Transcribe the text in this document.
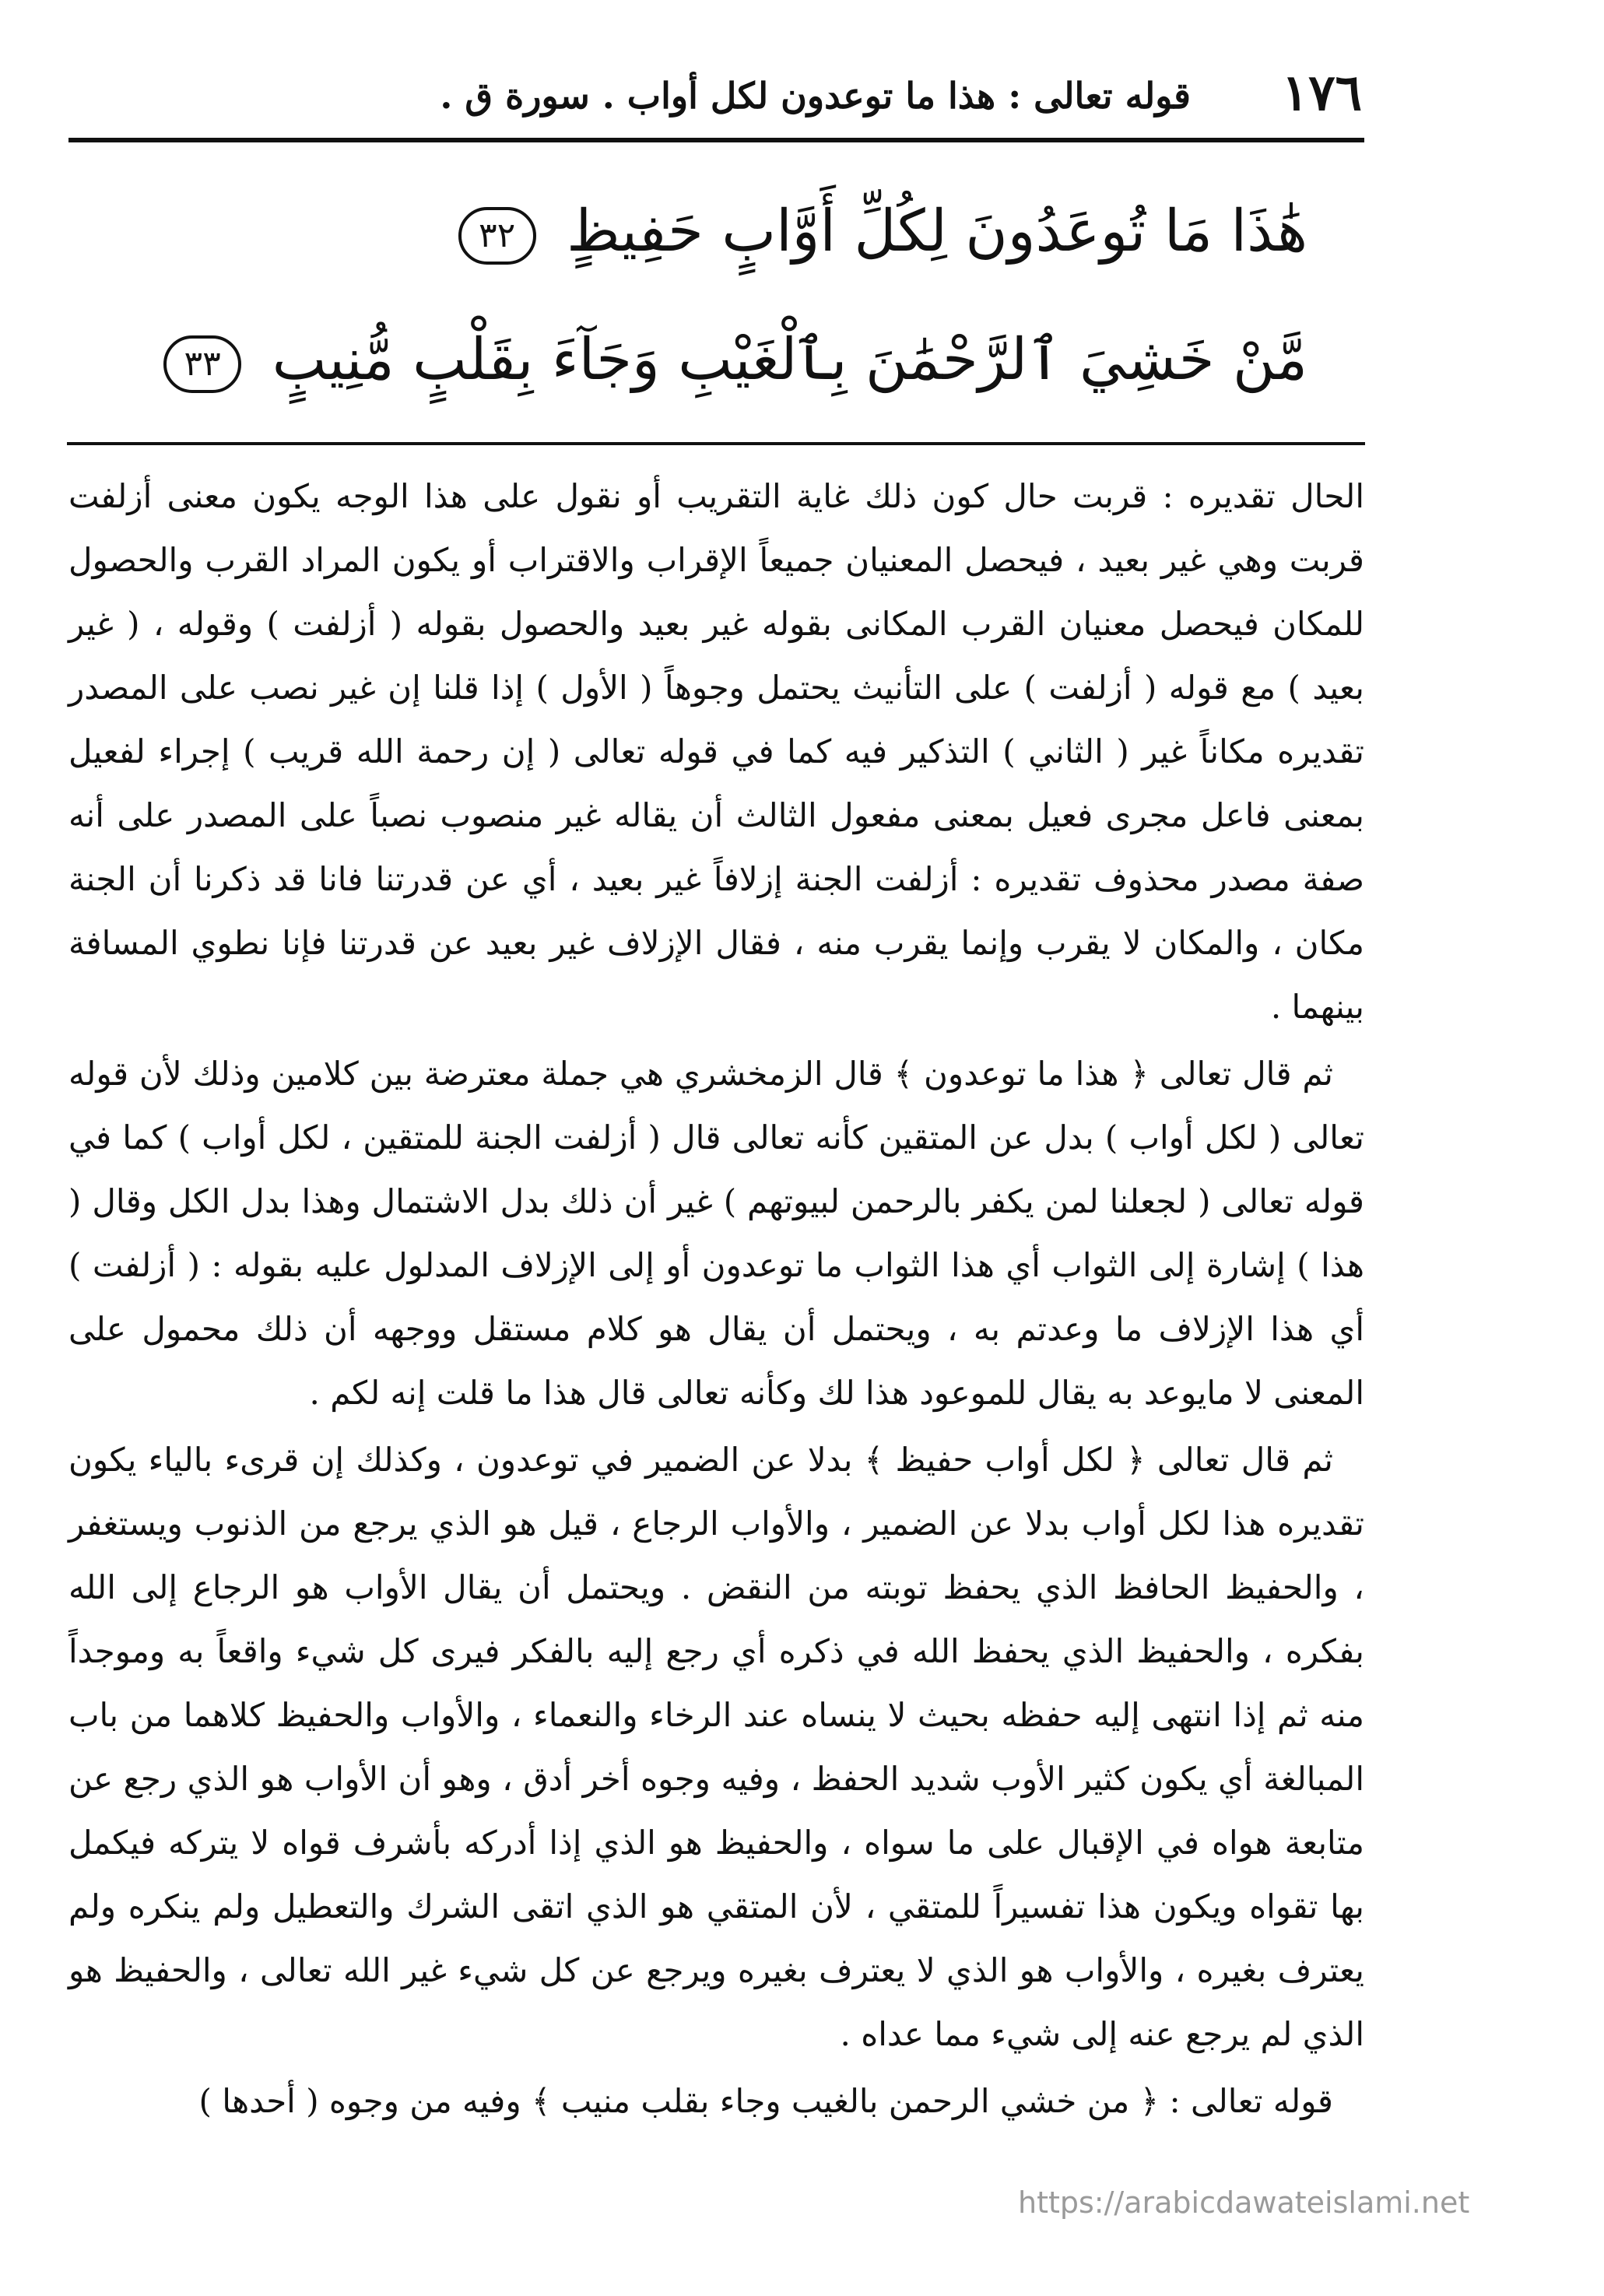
١٧٦
قوله تعالى : هذا ما توعدون لكل أواب . سورة ق .
هَٰذَا مَا تُوعَدُونَ لِكُلِّ أَوَّابٍ حَفِيظٍ ٣٢
مَّنْ خَشِيَ ٱلرَّحْمَٰنَ بِٱلْغَيْبِ وَجَآءَ بِقَلْبٍ مُّنِيبٍ ٣٣

الحال تقديره : قربت حال كون ذلك غاية التقريب أو نقول على هذا الوجه يكون معنى أزلفت قربت وهي غير بعيد ، فيحصل المعنيان جميعاً الإقراب والاقتراب أو يكون المراد القرب والحصول للمكان فيحصل معنيان القرب المكانى بقوله غير بعيد والحصول بقوله ( أزلفت ) وقوله ، ( غير بعيد ) مع قوله ( أزلفت ) على التأنيث يحتمل وجوهاً ( الأول ) إذا قلنا إن غير نصب على المصدر تقديره مكاناً غير ( الثاني ) التذكير فيه كما في قوله تعالى ( إن رحمة الله قريب ) إجراء لفعيل بمعنى فاعل مجرى فعيل بمعنى مفعول الثالث أن يقاله غير منصوب نصباً على المصدر على أنه صفة مصدر محذوف تقديره : أزلفت الجنة إزلافاً غير بعيد ، أي عن قدرتنا فانا قد ذكرنا أن الجنة مكان ، والمكان لا يقرب وإنما يقرب منه ، فقال الإزلاف غير بعيد عن قدرتنا فإنا نطوي المسافة بينهما .

ثم قال تعالى ﴿ هذا ما توعدون ﴾ قال الزمخشري هي جملة معترضة بين كلامين وذلك لأن قوله تعالى ( لكل أواب ) بدل عن المتقين كأنه تعالى قال ( أزلفت الجنة للمتقين ، لكل أواب ) كما في قوله تعالى ( لجعلنا لمن يكفر بالرحمن لبيوتهم ) غير أن ذلك بدل الاشتمال وهذا بدل الكل وقال ( هذا ) إشارة إلى الثواب أي هذا الثواب ما توعدون أو إلى الإزلاف المدلول عليه بقوله : ( أزلفت ) أي هذا الإزلاف ما وعدتم به ، ويحتمل أن يقال هو كلام مستقل ووجهه أن ذلك محمول على المعنى لا مايوعد به يقال للموعود هذا لك وكأنه تعالى قال هذا ما قلت إنه لكم .

ثم قال تعالى ﴿ لكل أواب حفيظ ﴾ بدلا عن الضمير في توعدون ، وكذلك إن قرىء بالياء يكون تقديره هذا لكل أواب بدلا عن الضمير ، والأواب الرجاع ، قيل هو الذي يرجع من الذنوب ويستغفر ، والحفيظ الحافظ الذي يحفظ توبته من النقض . ويحتمل أن يقال الأواب هو الرجاع إلى الله بفكره ، والحفيظ الذي يحفظ الله في ذكره أي رجع إليه بالفكر فيرى كل شيء واقعاً به وموجداً منه ثم إذا انتهى إليه حفظه بحيث لا ينساه عند الرخاء والنعماء ، والأواب والحفيظ كلاهما من باب المبالغة أي يكون كثير الأوب شديد الحفظ ، وفيه وجوه أخر أدق ، وهو أن الأواب هو الذي رجع عن متابعة هواه في الإقبال على ما سواه ، والحفيظ هو الذي إذا أدركه بأشرف قواه لا يتركه فيكمل بها تقواه ويكون هذا تفسيراً للمتقي ، لأن المتقي هو الذي اتقى الشرك والتعطيل ولم ينكره ولم يعترف بغيره ، والأواب هو الذي لا يعترف بغيره ويرجع عن كل شيء غير الله تعالى ، والحفيظ هو الذي لم يرجع عنه إلى شيء مما عداه .

قوله تعالى : ﴿ من خشي الرحمن بالغيب وجاء بقلب منيب ﴾ وفيه من وجوه ( أحدها )

https://arabicdawateislami.net
